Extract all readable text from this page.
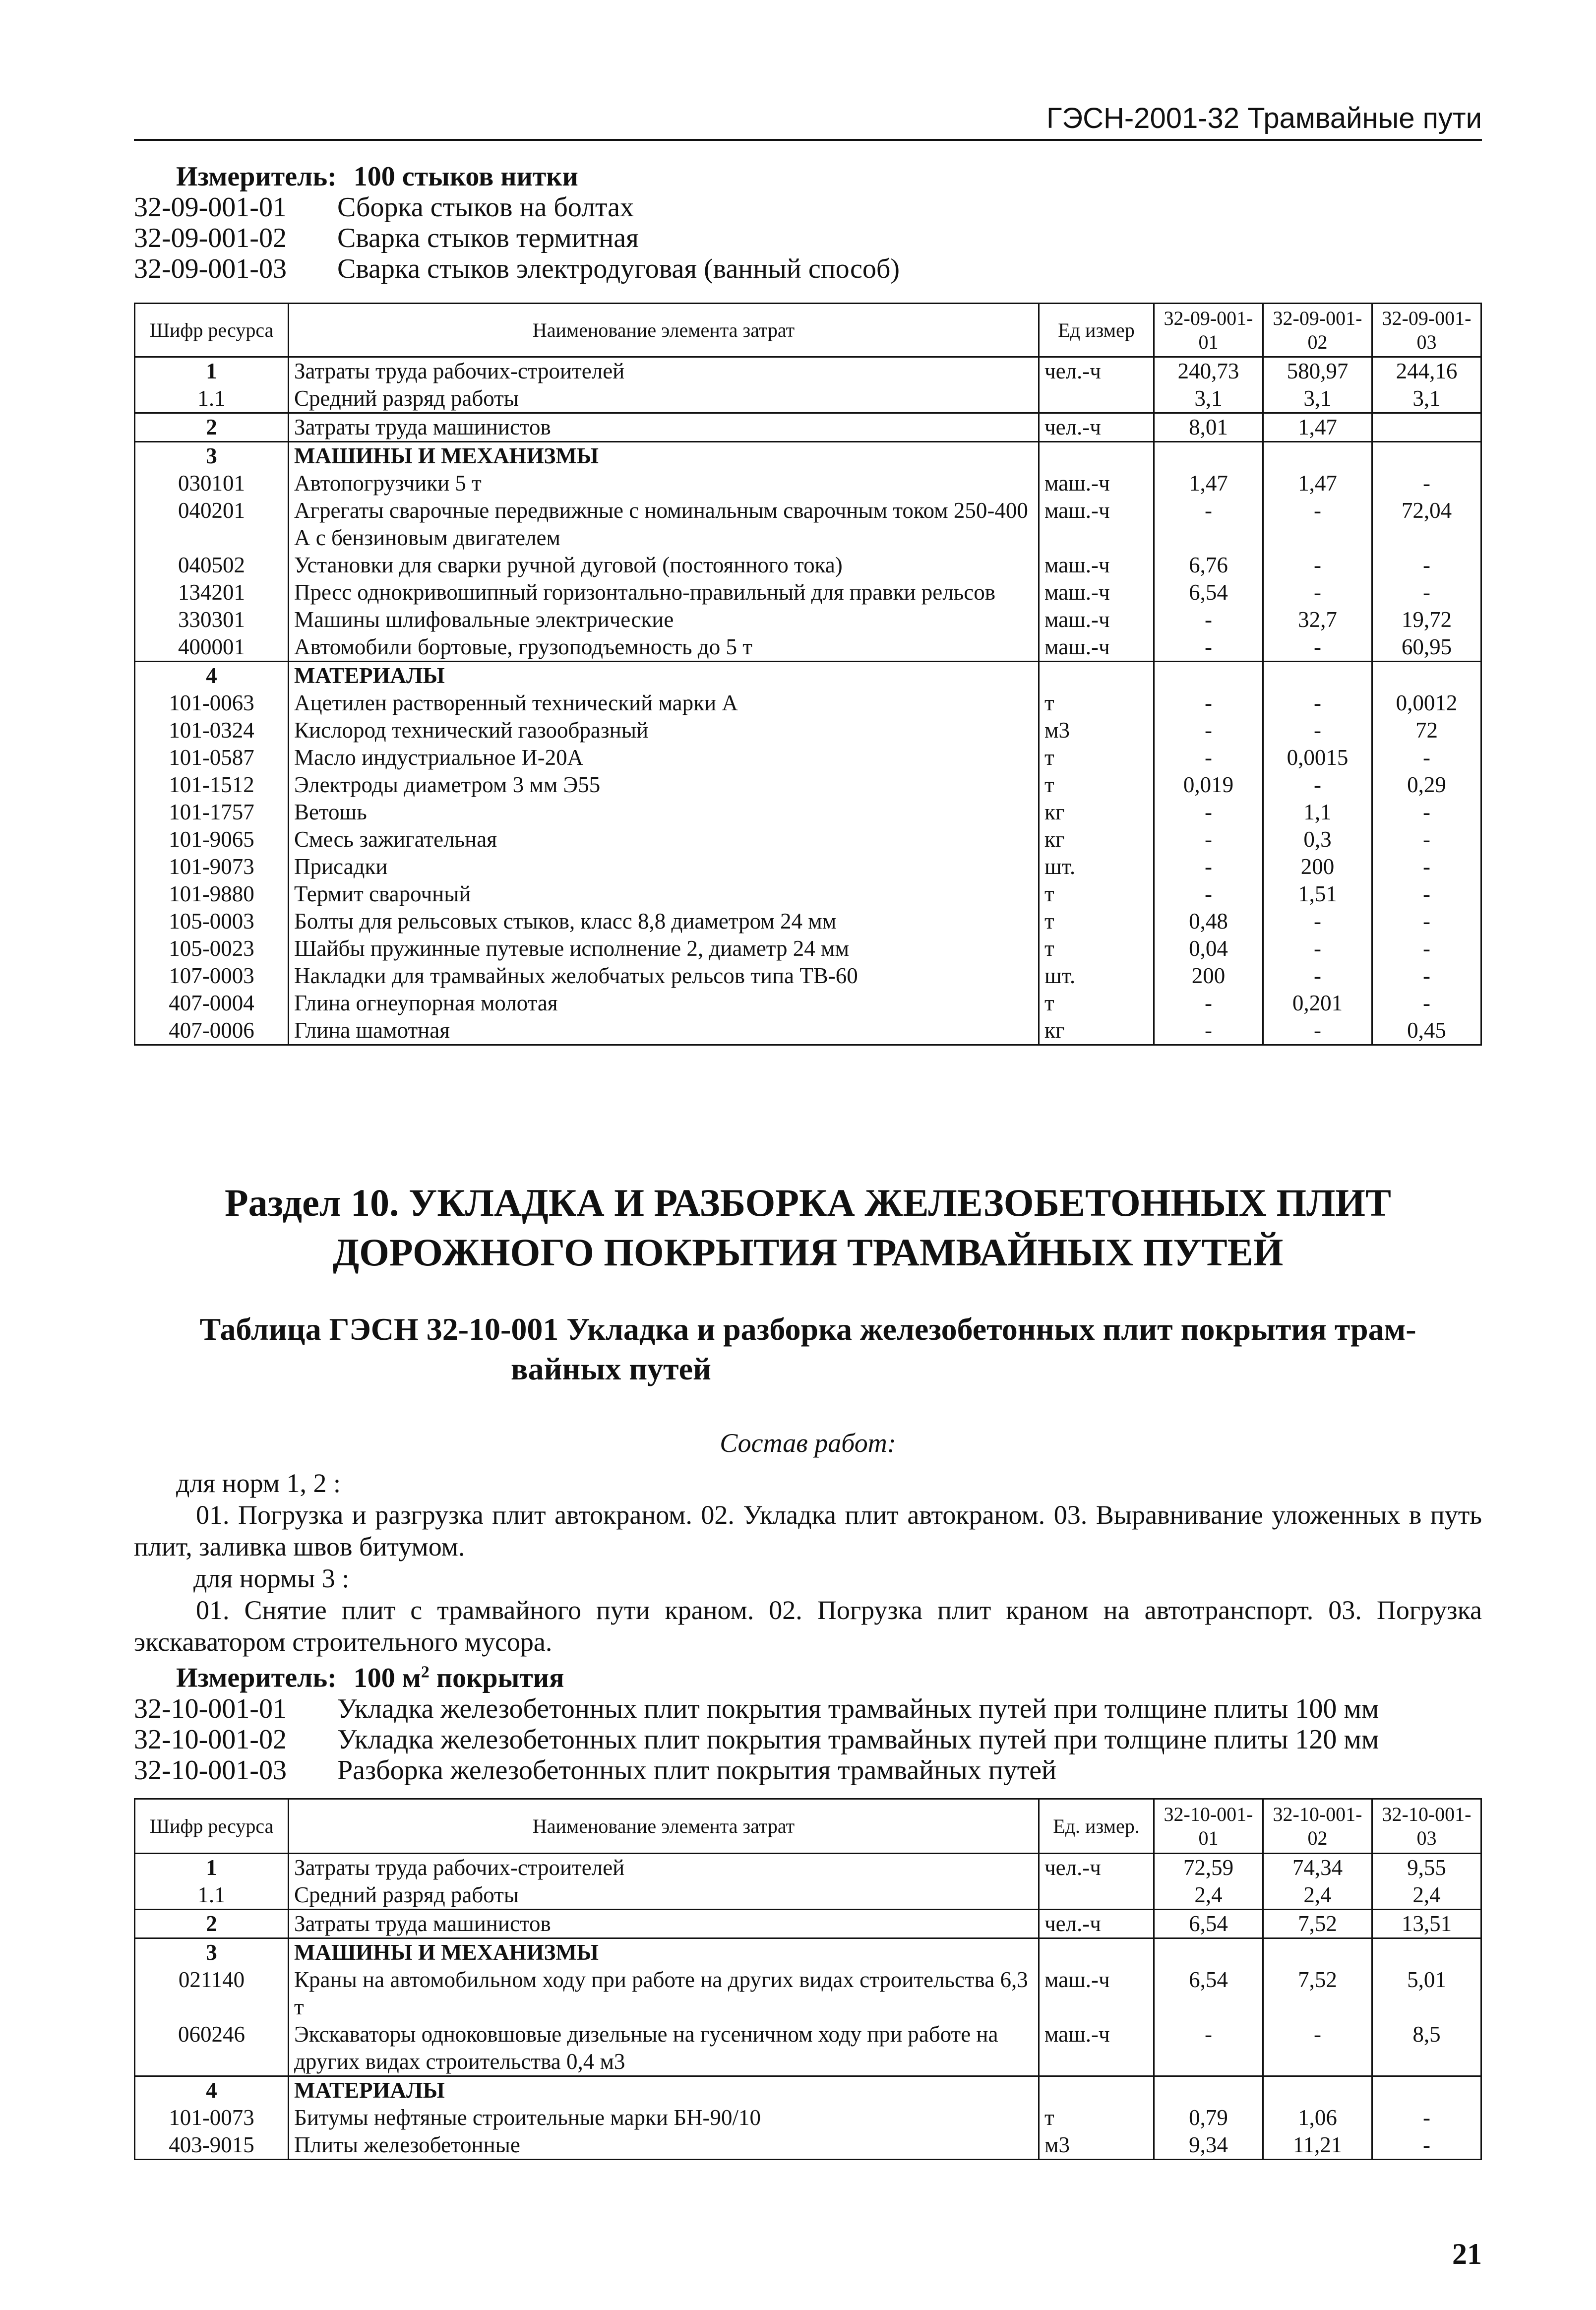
ГЭСН-2001-32 Трамвайные пути
Измеритель: 100 стыков нитки
32-09-001-01	Сборка стыков на болтах
32-09-001-02	Сварка стыков термитная
32-09-001-03	Сварка стыков электродуговая (ванный способ)
Шифр ресурса	Наименование элемента затрат	Ед измер	32-09-001-01	32-09-001-02	32-09-001-03
1	Затраты труда рабочих-строителей	чел.-ч	240,73	580,97	244,16
1.1	Средний разряд работы		3,1	3,1	3,1
2	Затраты труда машинистов	чел.-ч	8,01	1,47	
3	МАШИНЫ И МЕХАНИЗМЫ				
030101	Автопогрузчики 5 т	маш.-ч	1,47	1,47	-
040201	Агрегаты сварочные передвижные с номинальным сварочным током 250-400 А с бензиновым двигателем	маш.-ч	-	-	72,04
040502	Установки для сварки ручной дуговой (постоянного тока)	маш.-ч	6,76	-	-
134201	Пресс однокривошипный горизонтально-правильный для правки рельсов	маш.-ч	6,54	-	-
330301	Машины шлифовальные электрические	маш.-ч	-	32,7	19,72
400001	Автомобили бортовые, грузоподъемность до 5 т	маш.-ч	-	-	60,95
4	МАТЕРИАЛЫ				
101-0063	Ацетилен растворенный технический марки А	т	-	-	0,0012
101-0324	Кислород технический газообразный	м3	-	-	72
101-0587	Масло индустриальное И-20А	т	-	0,0015	-
101-1512	Электроды диаметром 3 мм Э55	т	0,019	-	0,29
101-1757	Ветошь	кг	-	1,1	-
101-9065	Смесь зажигательная	кг	-	0,3	-
101-9073	Присадки	шт.	-	200	-
101-9880	Термит сварочный	т	-	1,51	-
105-0003	Болты для рельсовых стыков, класс 8,8 диаметром 24 мм	т	0,48	-	-
105-0023	Шайбы пружинные путевые исполнение 2, диаметр 24 мм	т	0,04	-	-
107-0003	Накладки для трамвайных желобчатых рельсов типа ТВ-60	шт.	200	-	-
407-0004	Глина огнеупорная молотая	т	-	0,201	-
407-0006	Глина шамотная	кг	-	-	0,45
Раздел 10. УКЛАДКА И РАЗБОРКА ЖЕЛЕЗОБЕТОННЫХ ПЛИТ
ДОРОЖНОГО ПОКРЫТИЯ ТРАМВАЙНЫХ ПУТЕЙ
Таблица ГЭСН 32-10-001 Укладка и разборка железобетонных плит покрытия трам-
вайных путей
Состав работ:
для норм 1, 2 :
01. Погрузка и разгрузка плит автокраном. 02. Укладка плит автокраном. 03. Выравнивание уложенных в путь плит, заливка швов битумом.
для нормы 3 :
01. Снятие плит с трамвайного пути краном. 02. Погрузка плит краном на автотранспорт. 03. Погрузка экскаватором строительного мусора.
Измеритель: 100 $м^2$ покрытия
32-10-001-01	Укладка железобетонных плит покрытия трамвайных путей при толщине плиты 100 мм
32-10-001-02	Укладка железобетонных плит покрытия трамвайных путей при толщине плиты 120 мм
32-10-001-03	Разборка железобетонных плит покрытия трамвайных путей
Шифр ресурса	Наименование элемента затрат	Ед. измер.	32-10-001-01	32-10-001-02	32-10-001-03
1	Затраты труда рабочих-строителей	чел.-ч	72,59	74,34	9,55
1.1	Средний разряд работы		2,4	2,4	2,4
2	Затраты труда машинистов	чел.-ч	6,54	7,52	13,51
3	МАШИНЫ И МЕХАНИЗМЫ				
021140	Краны на автомобильном ходу при работе на других видах строительства 6,3 т	маш.-ч	6,54	7,52	5,01
060246	Экскаваторы одноковшовые дизельные на гусеничном ходу при работе на других видах строительства 0,4 м3	маш.-ч	-	-	8,5
4	МАТЕРИАЛЫ				
101-0073	Битумы нефтяные строительные марки БН-90/10	т	0,79	1,06	-
403-9015	Плиты железобетонные	м3	9,34	11,21	-
21
